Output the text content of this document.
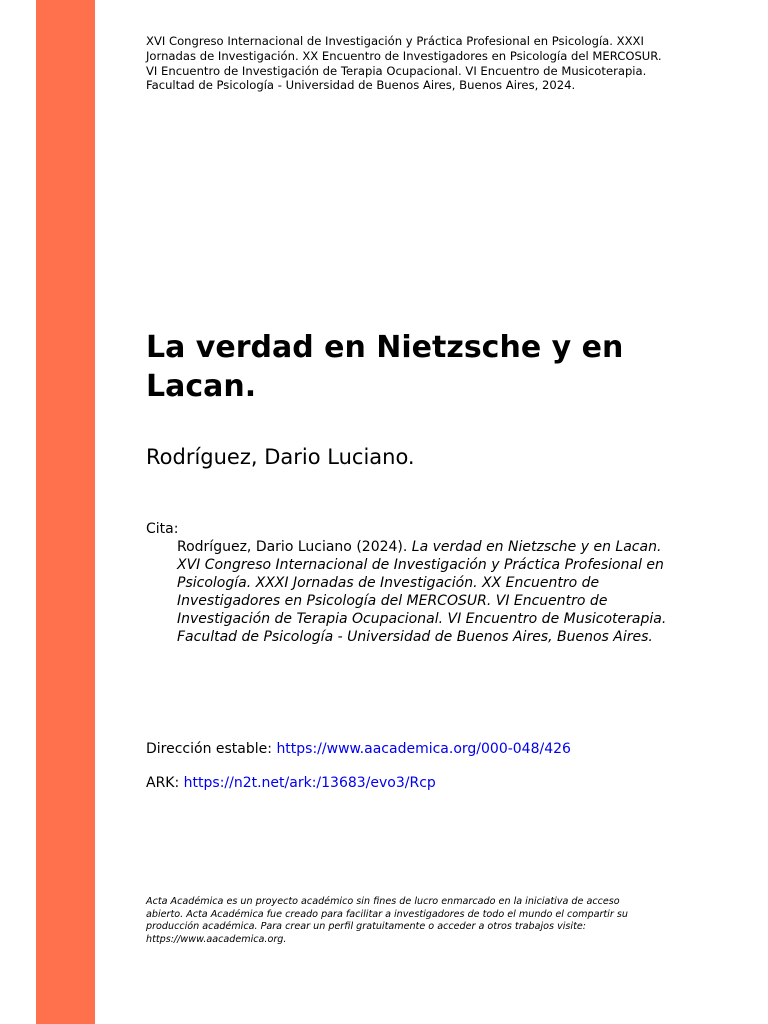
XVI Congreso Internacional de Investigación y Práctica Profesional en Psicología. XXXI
Jornadas de Investigación. XX Encuentro de Investigadores en Psicología del MERCOSUR.
VI Encuentro de Investigación de Terapia Ocupacional. VI Encuentro de Musicoterapia.
Facultad de Psicología - Universidad de Buenos Aires, Buenos Aires, 2024.
La verdad en Nietzsche y en
Lacan.
Rodríguez, Dario Luciano.
Cita:
Rodríguez, Dario Luciano (2024). La verdad en Nietzsche y en Lacan.
XVI Congreso Internacional de Investigación y Práctica Profesional en
Psicología. XXXI Jornadas de Investigación. XX Encuentro de
Investigadores en Psicología del MERCOSUR. VI Encuentro de
Investigación de Terapia Ocupacional. VI Encuentro de Musicoterapia.
Facultad de Psicología - Universidad de Buenos Aires, Buenos Aires.
Dirección estable: https://www.aacademica.org/000-048/426
ARK: https://n2t.net/ark:/13683/evo3/Rcp
Acta Académica es un proyecto académico sin fines de lucro enmarcado en la iniciativa de acceso
abierto. Acta Académica fue creado para facilitar a investigadores de todo el mundo el compartir su
producción académica. Para crear un perfil gratuitamente o acceder a otros trabajos visite:
https://www.aacademica.org.
